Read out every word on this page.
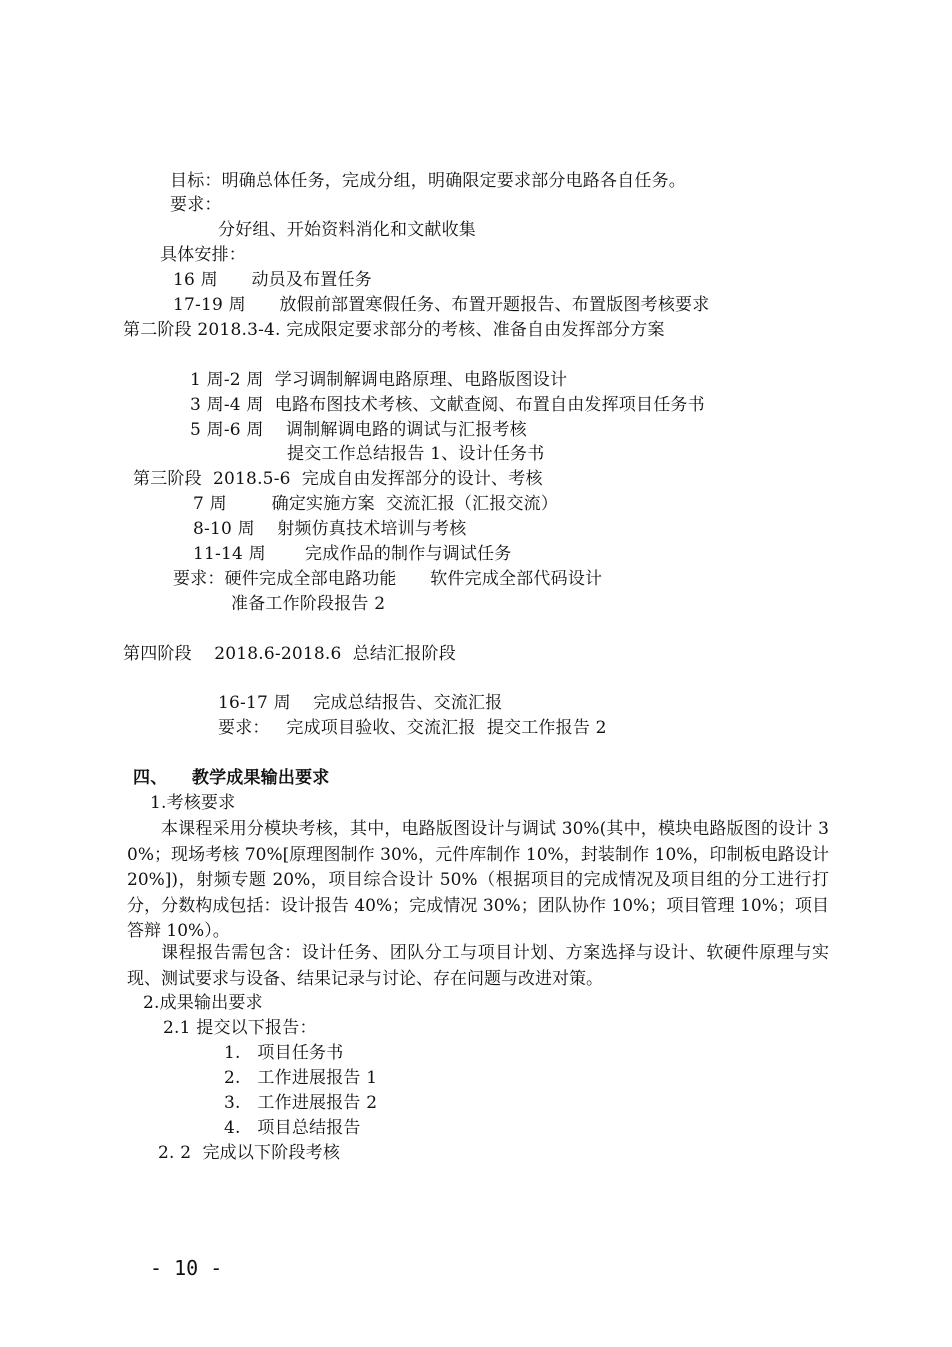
目标：明确总体任务，完成分组，明确限定要求部分电路各自任务。
要求：
分好组、开始资料消化和文献收集
具体安排：
16 周      动员及布置任务
17-19 周      放假前部置寒假任务、布置开题报告、布置版图考核要求
第二阶段 2018.3-4. 完成限定要求部分的考核、准备自由发挥部分方案
1 周-2 周  学习调制解调电路原理、电路版图设计
3 周-4 周  电路布图技术考核、文献查阅、布置自由发挥项目任务书
5 周-6 周    调制解调电路的调试与汇报考核
提交工作总结报告 1、设计任务书
第三阶段  2018.5-6  完成自由发挥部分的设计、考核
7 周        确定实施方案  交流汇报（汇报交流）
8-10 周    射频仿真技术培训与考核
11-14 周       完成作品的制作与调试任务
要求：硬件完成全部电路功能      软件完成全部代码设计
准备工作阶段报告 2
第四阶段    2018.6-2018.6  总结汇报阶段
16-17 周    完成总结报告、交流汇报
要求：   完成项目验收、交流汇报  提交工作报告 2
四、    教学成果输出要求
1.考核要求
本课程采用分模块考核，其中，电路版图设计与调试 30%(其中，模块电路版图的设计 30%；现场考核 70%[原理图制作 30%，元件库制作 10%，封装制作 10%，印制板电路设计 20%])，射频专题 20%，项目综合设计 50%（根据项目的完成情况及项目组的分工进行打分，分数构成包括：设计报告 40%；完成情况 30%；团队协作 10%；项目管理 10%；项目答辩 10%）。
课程报告需包含：设计任务、团队分工与项目计划、方案选择与设计、软硬件原理与实现、测试要求与设备、结果记录与讨论、存在问题与改进对策。
2.成果输出要求
2.1 提交以下报告：
1.   项目任务书
2.   工作进展报告 1
3.   工作进展报告 2
4.   项目总结报告
2. 2  完成以下阶段考核
- 10 -
